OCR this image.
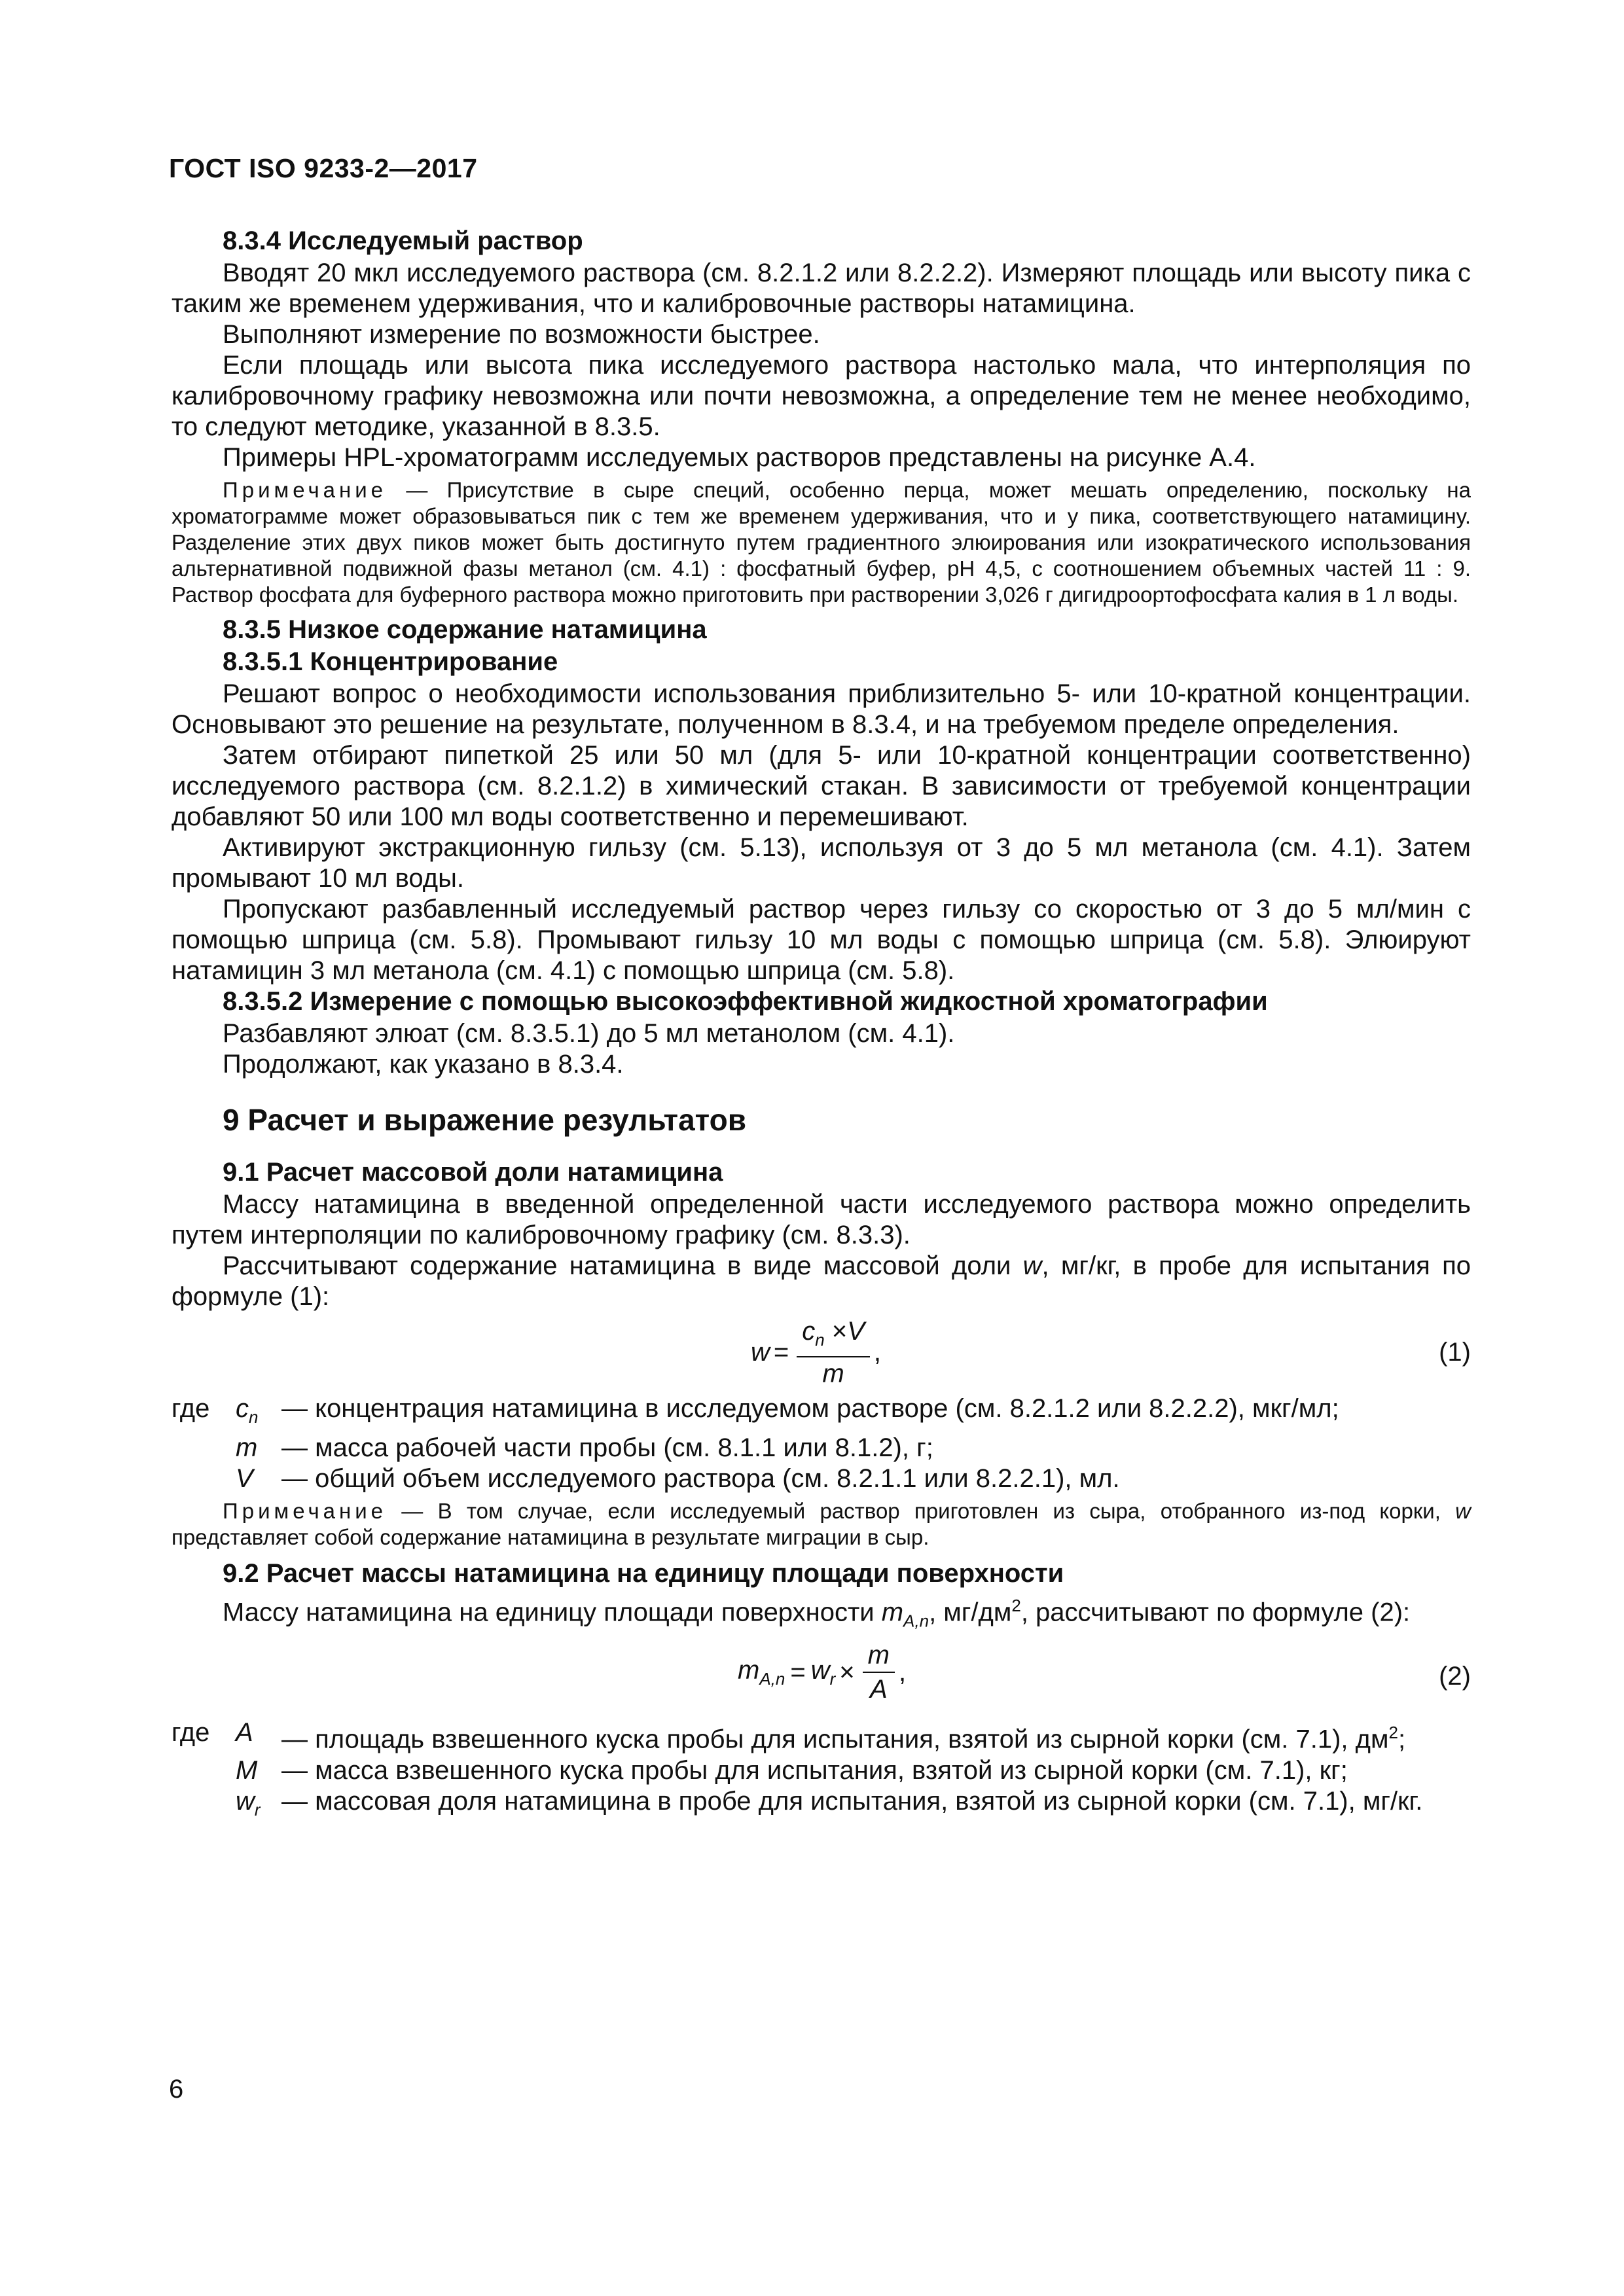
ГОСТ ISO 9233-2—2017

8.3.4 Исследуемый раствор

Вводят 20 мкл исследуемого раствора (см. 8.2.1.2 или 8.2.2.2). Измеряют площадь или высоту пика с таким же временем удерживания, что и калибровочные растворы натамицина.

Выполняют измерение по возможности быстрее.

Если площадь или высота пика исследуемого раствора настолько мала, что интерполяция по калибровочному графику невозможна или почти невозможна, а определение тем не менее необходимо, то следуют методике, указанной в 8.3.5.

Примеры HPL-хроматограмм исследуемых растворов представлены на рисунке А.4.

Примечание — Присутствие в сыре специй, особенно перца, может мешать определению, поскольку на хроматограмме может образовываться пик с тем же временем удерживания, что и у пика, соответствующего натамицину. Разделение этих двух пиков может быть достигнуто путем градиентного элюирования или изократического использования альтернативной подвижной фазы метанол (см. 4.1) : фосфатный буфер, pH 4,5, с соотношением объемных частей 11 : 9. Раствор фосфата для буферного раствора можно приготовить при растворении 3,026 г дигидроортофосфата калия в 1 л воды.

8.3.5 Низкое содержание натамицина

8.3.5.1 Концентрирование

Решают вопрос о необходимости использования приблизительно 5- или 10-кратной концентрации. Основывают это решение на результате, полученном в 8.3.4, и на требуемом пределе определения.

Затем отбирают пипеткой 25 или 50 мл (для 5- или 10-кратной концентрации соответственно) исследуемого раствора (см. 8.2.1.2) в химический стакан. В зависимости от требуемой концентрации добавляют 50 или 100 мл воды соответственно и перемешивают.

Активируют экстракционную гильзу (см. 5.13), используя от 3 до 5 мл метанола (см. 4.1). Затем промывают 10 мл воды.

Пропускают разбавленный исследуемый раствор через гильзу со скоростью от 3 до 5 мл/мин с помощью шприца (см. 5.8). Промывают гильзу 10 мл воды с помощью шприца (см. 5.8). Элюируют натамицин 3 мл метанола (см. 4.1) с помощью шприца (см. 5.8).

8.3.5.2 Измерение с помощью высокоэффективной жидкостной хроматографии

Разбавляют элюат (см. 8.3.5.1) до 5 мл метанолом (см. 4.1).

Продолжают, как указано в 8.3.4.

9 Расчет и выражение результатов

9.1 Расчет массовой доли натамицина

Массу натамицина в введенной определенной части исследуемого раствора можно определить путем интерполяции по калибровочному графику (см. 8.3.3).

Рассчитывают содержание натамицина в виде массовой доли w, мг/кг, в пробе для испытания по формуле (1):

$w = \frac{c_n \times V}{m}$ ,	(1)
где $c_n$ — концентрация натамицина в исследуемом растворе (см. 8.2.1.2 или 8.2.2.2), мкг/мл;
m — масса рабочей части пробы (см. 8.1.1 или 8.1.2), г;
V	— общий объем исследуемого раствора (см. 8.2.1.1 или 8.2.2.1), мл.

Примечание — В том случае, если исследуемый раствор приготовлен из сыра, отобранного из-под корки, w представляет собой содержание натамицина в результате миграции в сыр.

9.2 Расчет массы натамицина на единицу площади поверхности

Массу натамицина на единицу площади поверхности $m_{A,n}$, $мг/дм^2$, рассчитывают по формуле (2):

$m_{A,n} = w_r \times \frac{m}{A}$ ,	(2)
где A	— площадь взвешенного куска пробы для испытания, взятой из сырной корки (см. 7.1), $дм^2$;
M — масса взвешенного куска пробы для испытания, взятой из сырной корки (см. 7.1), кг;
$w_r$ — массовая доля натамицина в пробе для испытания, взятой из сырной корки (см. 7.1), мг/кг.
6
